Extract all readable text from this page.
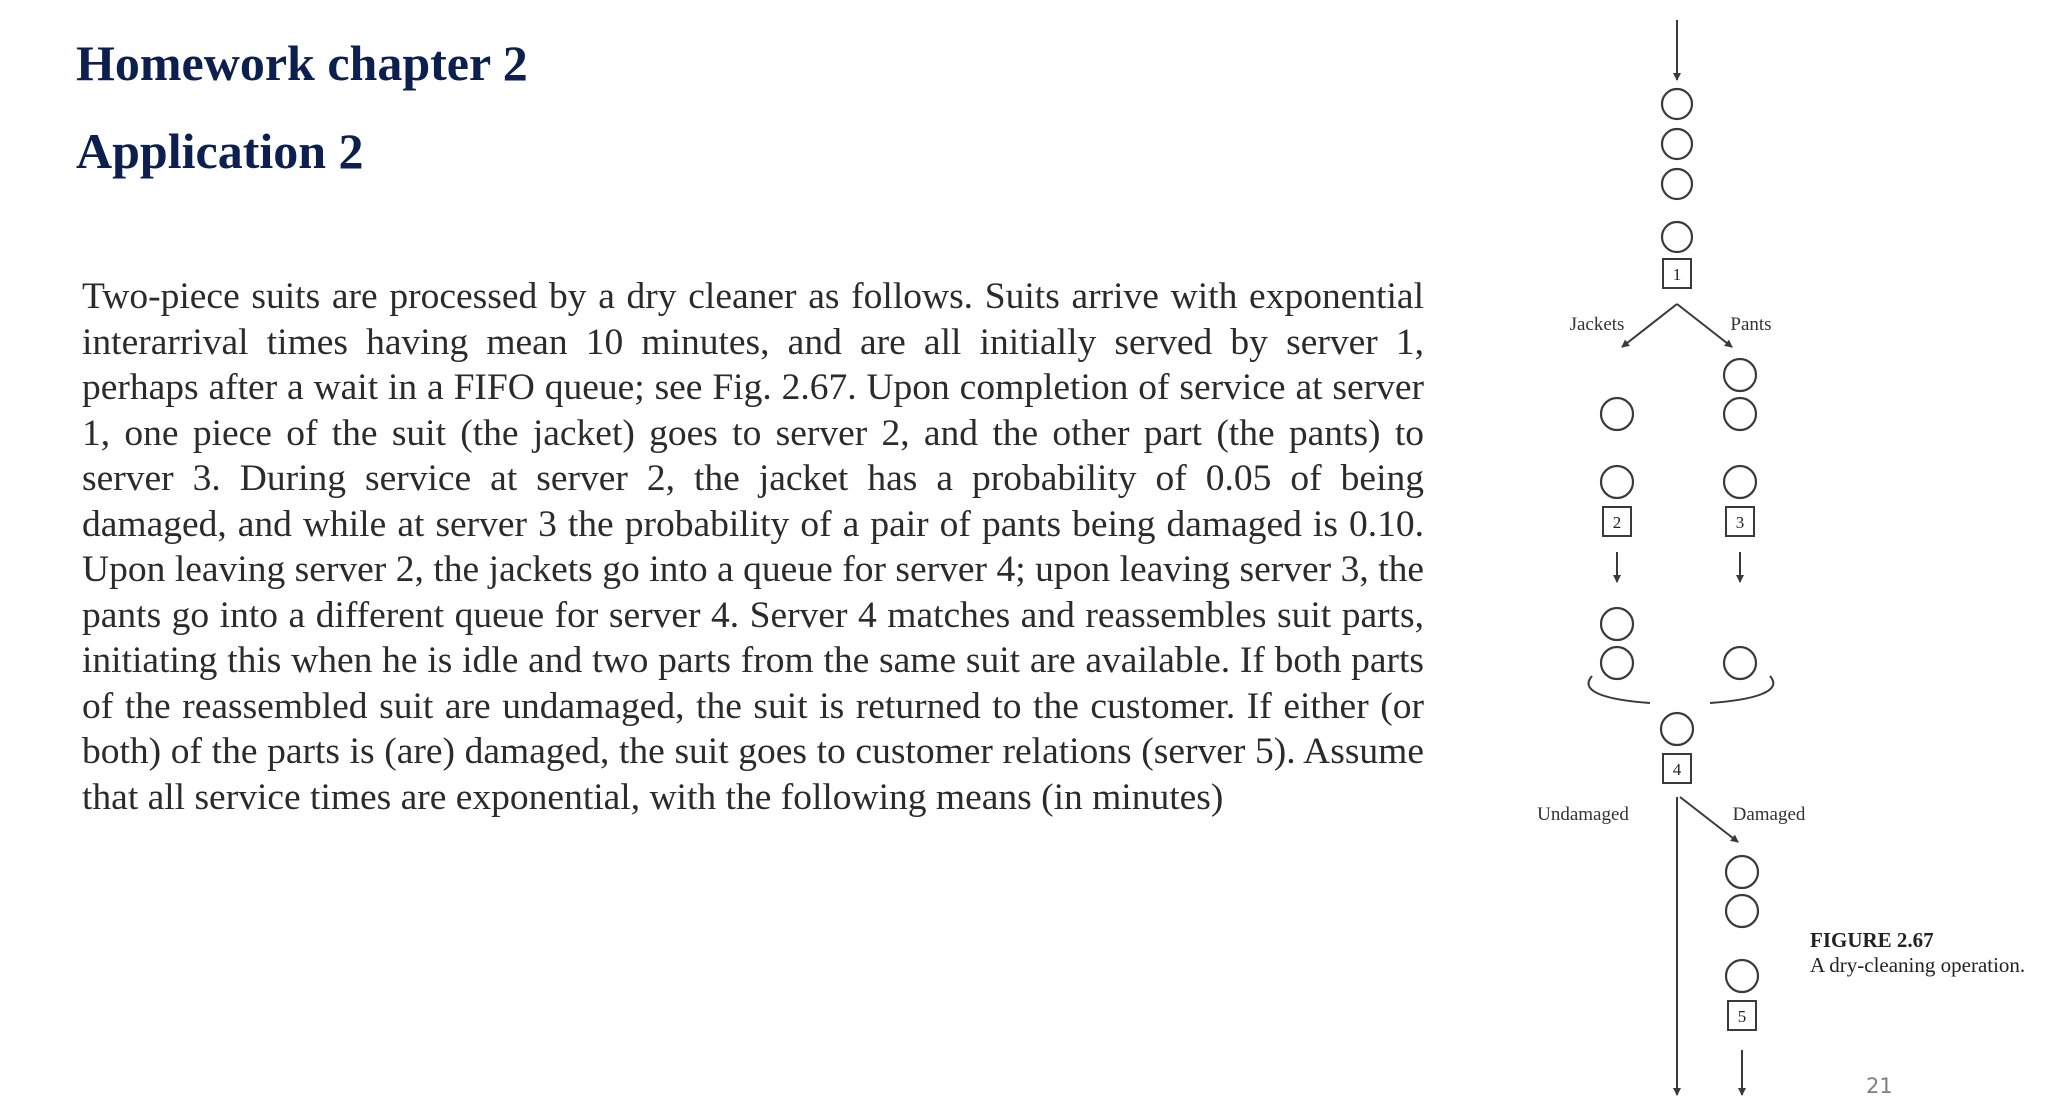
Homework chapter 2
Application 2

Two-piece suits are processed by a dry cleaner as follows. Suits arrive with exponential interarrival times having mean 10 minutes, and are all initially served by server 1, perhaps after a wait in a FIFO queue; see Fig. 2.67. Upon completion of service at server 1, one piece of the suit (the jacket) goes to server 2, and the other part (the pants) to server 3. During service at server 2, the jacket has a probability of 0.05 of being damaged, and while at server 3 the probability of a pair of pants being damaged is 0.10. Upon leaving server 2, the jackets go into a queue for server 4; upon leaving server 3, the pants go into a different queue for server 4. Server 4 matches and reassembles suit parts, initiating this when he is idle and two parts from the same suit are available. If both parts of the reassembled suit are undamaged, the suit is returned to the customer. If either (or both) of the parts is (are) damaged, the suit goes to customer relations (server 5). Assume that all service times are exponential, with the following means (in minutes)

1
Jackets	Pants
2	3
4
Undamaged	Damaged
5
FIGURE 2.67
A dry-cleaning operation.
21
